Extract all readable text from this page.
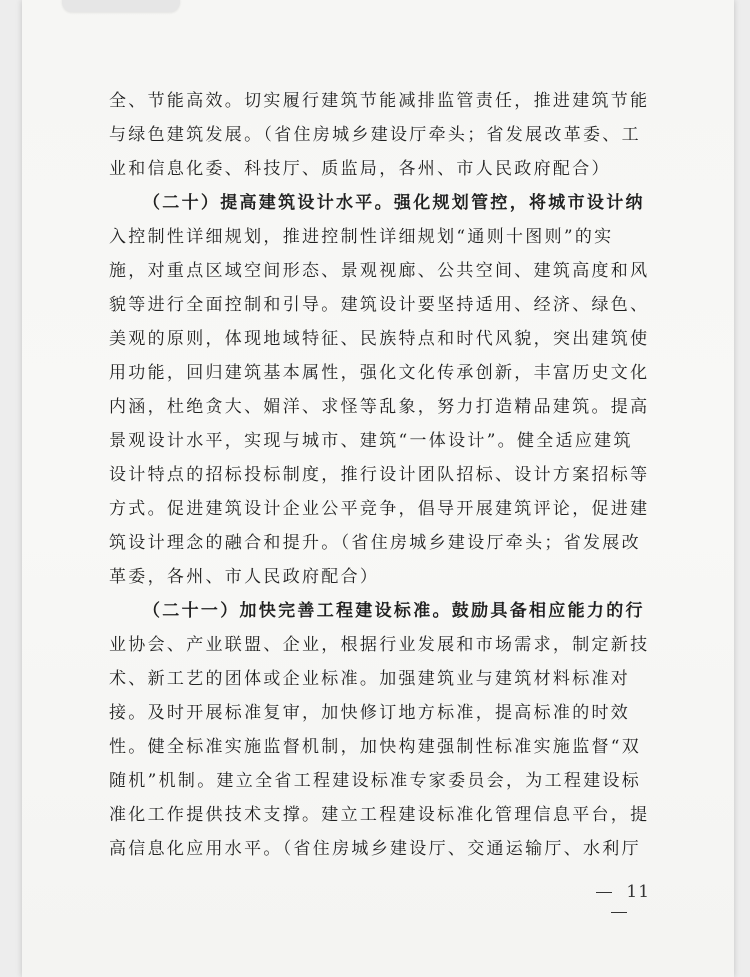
全、节能高效。切实履行建筑节能减排监管责任，推进建筑节能
与绿色建筑发展。（省住房城乡建设厅牵头；省发展改革委、工
业和信息化委、科技厅、质监局，各州、市人民政府配合）
（二十）提高建筑设计水平。强化规划管控，将城市设计纳
入控制性详细规划，推进控制性详细规划“通则十图则”的实
施，对重点区域空间形态、景观视廊、公共空间、建筑高度和风
貌等进行全面控制和引导。建筑设计要坚持适用、经济、绿色、
美观的原则，体现地域特征、民族特点和时代风貌，突出建筑使
用功能，回归建筑基本属性，强化文化传承创新，丰富历史文化
内涵，杜绝贪大、媚洋、求怪等乱象，努力打造精品建筑。提高
景观设计水平，实现与城市、建筑“一体设计”。健全适应建筑
设计特点的招标投标制度，推行设计团队招标、设计方案招标等
方式。促进建筑设计企业公平竞争，倡导开展建筑评论，促进建
筑设计理念的融合和提升。（省住房城乡建设厅牵头；省发展改
革委，各州、市人民政府配合）
（二十一）加快完善工程建设标准。鼓励具备相应能力的行
业协会、产业联盟、企业，根据行业发展和市场需求，制定新技
术、新工艺的团体或企业标准。加强建筑业与建筑材料标准对
接。及时开展标准复审，加快修订地方标准，提高标准的时效
性。健全标准实施监督机制，加快构建强制性标准实施监督“双
随机”机制。建立全省工程建设标准专家委员会，为工程建设标
准化工作提供技术支撑。建立工程建设标准化管理信息平台，提
高信息化应用水平。（省住房城乡建设厅、交通运输厅、水利厅
11
